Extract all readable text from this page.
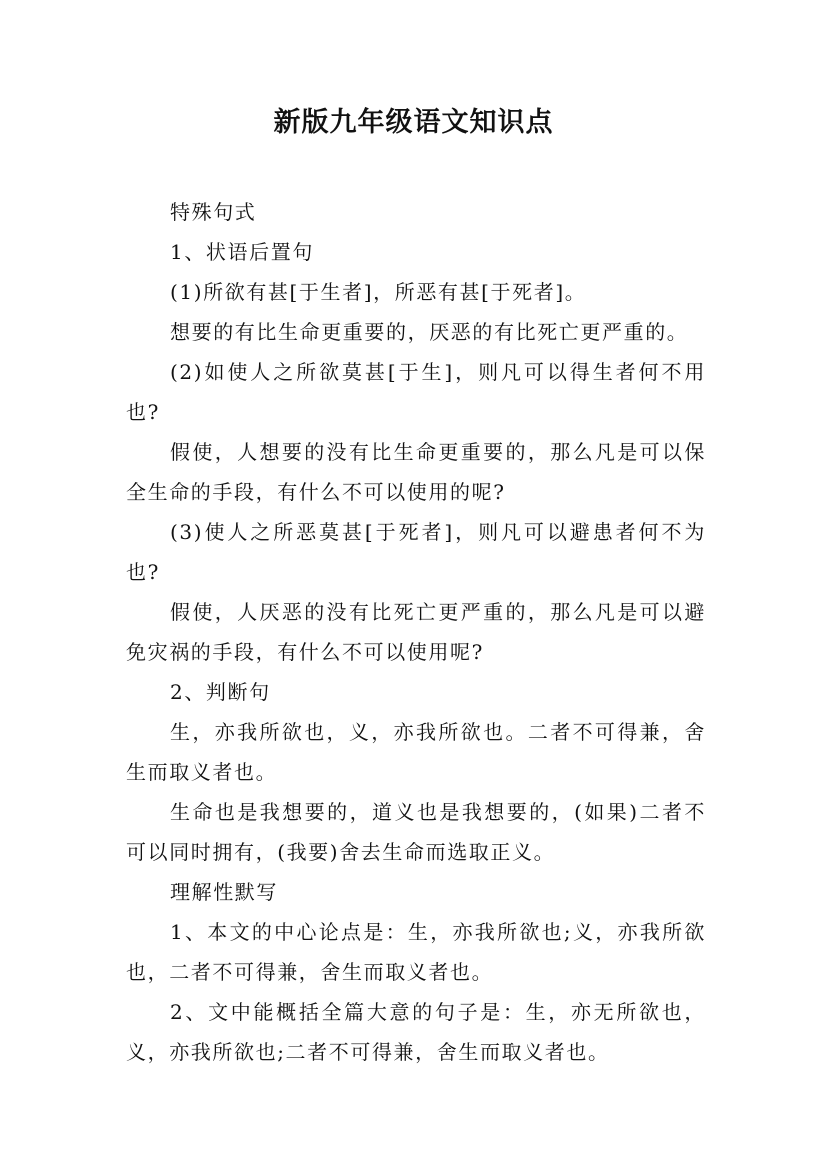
新版九年级语文知识点

特殊句式

1、状语后置句

(1)所欲有甚[于生者]，所恶有甚[于死者]。

想要的有比生命更重要的，厌恶的有比死亡更严重的。

(2)如使人之所欲莫甚[于生]，则凡可以得生者何不用也?

假使，人想要的没有比生命更重要的，那么凡是可以保全生命的手段，有什么不可以使用的呢?

(3)使人之所恶莫甚[于死者]，则凡可以避患者何不为也?

假使，人厌恶的没有比死亡更严重的，那么凡是可以避免灾祸的手段，有什么不可以使用呢?

2、判断句

生，亦我所欲也，义，亦我所欲也。二者不可得兼，舍生而取义者也。

生命也是我想要的，道义也是我想要的，(如果)二者不可以同时拥有，(我要)舍去生命而选取正义。

理解性默写

1、本文的中心论点是：生，亦我所欲也;义，亦我所欲也，二者不可得兼，舍生而取义者也。

2、文中能概括全篇大意的句子是：生，亦无所欲也，义，亦我所欲也;二者不可得兼，舍生而取义者也。
